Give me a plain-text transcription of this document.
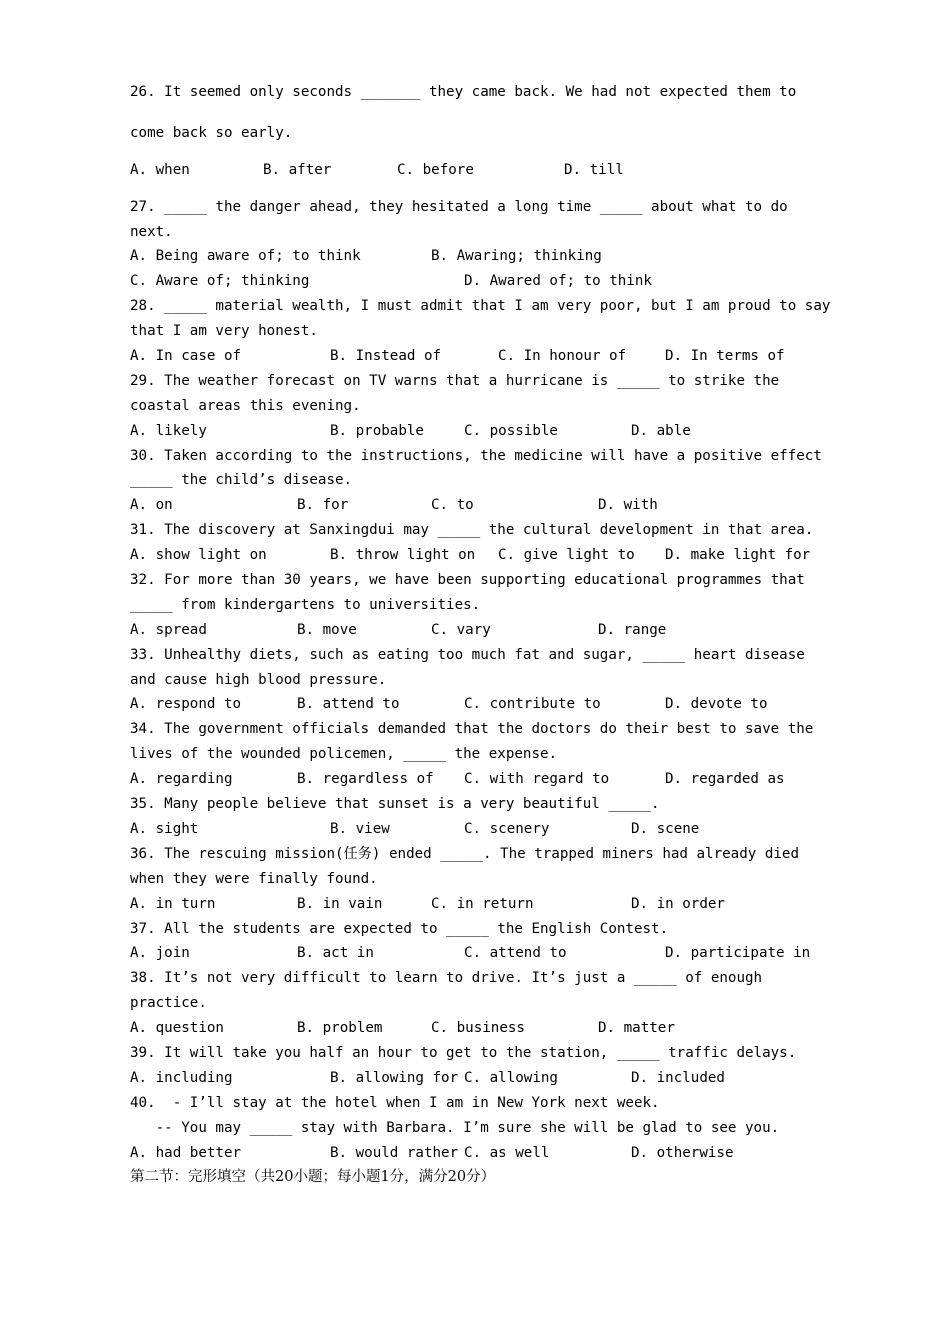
26. It seemed only seconds _______ they came back. We had not expected them to
come back so early.

A. when

	B. after

	C. before

	D. till

27. _____ the danger ahead, they hesitated a long time _____ about what to do
next.

A. Being aware of; to think

	B. Awaring; thinking

C. Aware of; thinking

	D. Awared of; to think

28. _____ material wealth, I must admit that I am very poor, but I am proud to say
that I am very honest.

A. In case of

	B. Instead of

	C. In honour of

	D. In terms of

29. The weather forecast on TV warns that a hurricane is _____ to strike the
coastal areas this evening.

A. likely

	B. probable

	C. possible

	D. able

30. Taken according to the instructions, the medicine will have a positive effect
_____ the child’s disease.

A. on

	B. for

	C. to

	D. with

31. The discovery at Sanxingdui may _____ the cultural development in that area.

A. show light on

	B. throw light on

C. give light to

D. make light for

32. For more than 30 years, we have been supporting educational programmes that
_____ from kindergartens to universities.

A. spread

	B. move

	C. vary

	D. range

33. Unhealthy diets, such as eating too much fat and sugar, _____ heart disease
and cause high blood pressure.

A. respond to

	B. attend to

	C. contribute to

	D. devote to

34. The government officials demanded that the doctors do their best to save the
lives of the wounded policemen, _____ the expense.

A. regarding

	B. regardless of

C. with regard to

	D. regarded as

35. Many people believe that sunset is a very beautiful _____.

A. sight

	B. view

	C. scenery

	D. scene

36. The rescuing mission(任务) ended _____. The trapped miners had already died
when they were finally found.

A. in turn

	B. in vain

	C. in return

	D. in order

37. All the students are expected to _____ the English Contest.

A. join

	B. act in

	C. attend to

	D. participate in

38. It’s not very difficult to learn to drive. It’s just a _____ of enough
practice.

A. question

	B. problem

	C. business

	D. matter

39. It will take you half an hour to get to the station, _____ traffic delays.

A. including

	B. allowing for

C. allowing

	D. included

40.  - I’ll stay at the hotel when I am in New York next week.
-- You may _____ stay with Barbara. I’m sure she will be glad to see you.

A. had better

	B. would rather

C. as well

	D. otherwise

第二节：完形填空（共20小题；每小题1分，满分20分）
